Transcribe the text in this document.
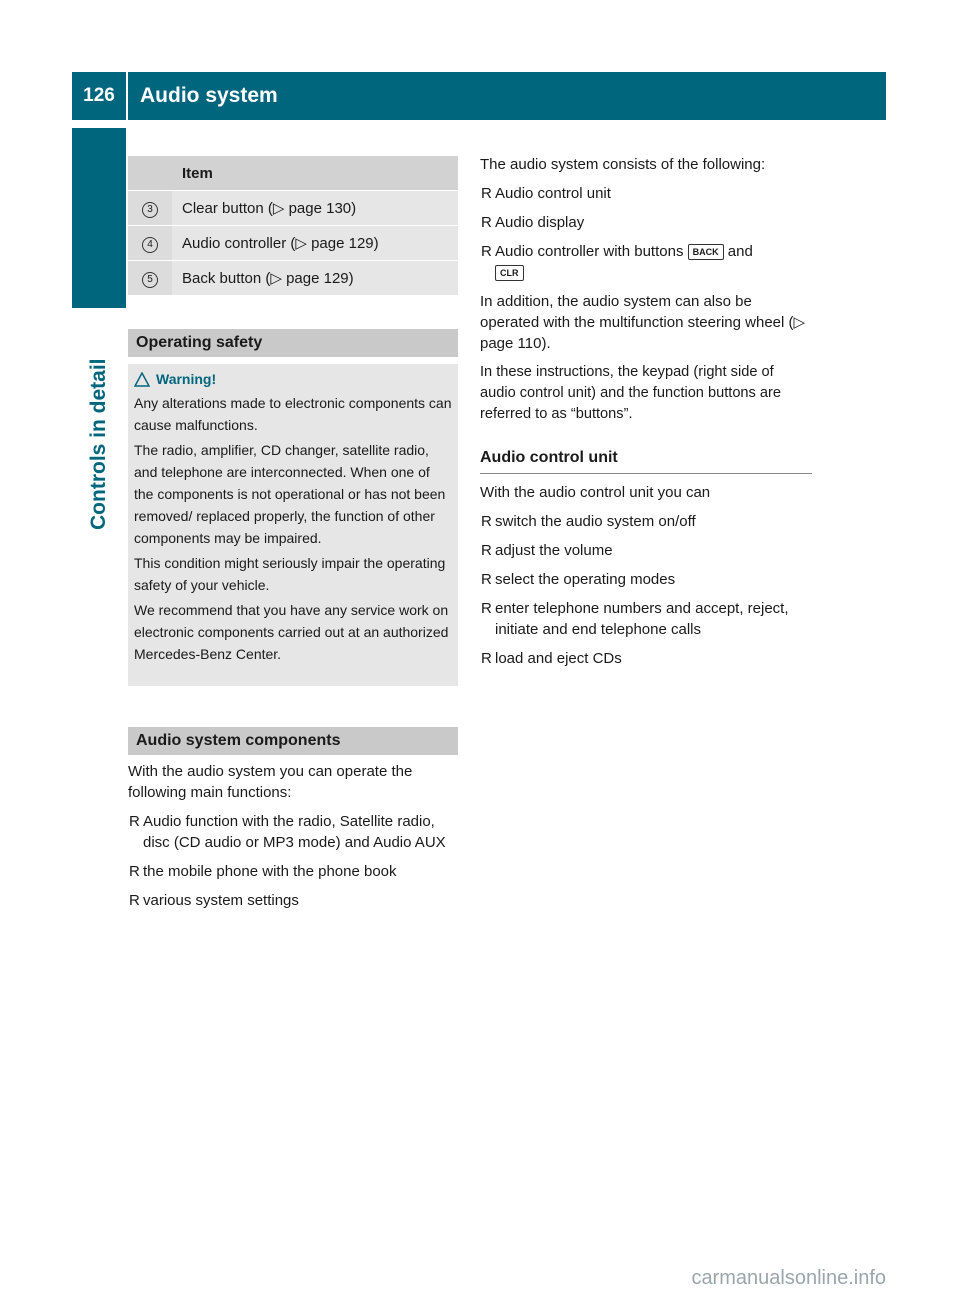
126	Audio system
Controls in detail
	Item
3	Clear button (▷ page 130)
4	Audio controller (▷ page 129)
5	Back button (▷ page 129)
Operating safety
Warning!

Any alterations made to electronic components can cause malfunctions.

The radio, amplifier, CD changer, satellite radio, and telephone are interconnected. When one of the components is not operational or has not been removed/ replaced properly, the function of other components may be impaired.

This condition might seriously impair the operating safety of your vehicle.

We recommend that you have any service work on electronic components carried out at an authorized Mercedes-Benz Center.

Audio system components

With the audio system you can operate the following main functions:

R Audio function with the radio, Satellite radio, disc (CD audio or MP3 mode) and Audio AUX
R the mobile phone with the phone book
R various system settings

The audio system consists of the following:

R Audio control unit
R Audio display
R Audio controller with buttons BACK and
CLR

In addition, the audio system can also be operated with the multifunction steering wheel (▷ page 110).

In these instructions, the keypad (right side of audio control unit) and the function buttons are referred to as “buttons”.

Audio control unit

With the audio control unit you can

R switch the audio system on/off
R adjust the volume
R select the operating modes
R enter telephone numbers and accept, reject, initiate and end telephone calls
R load and eject CDs
carmanualsonline.info
